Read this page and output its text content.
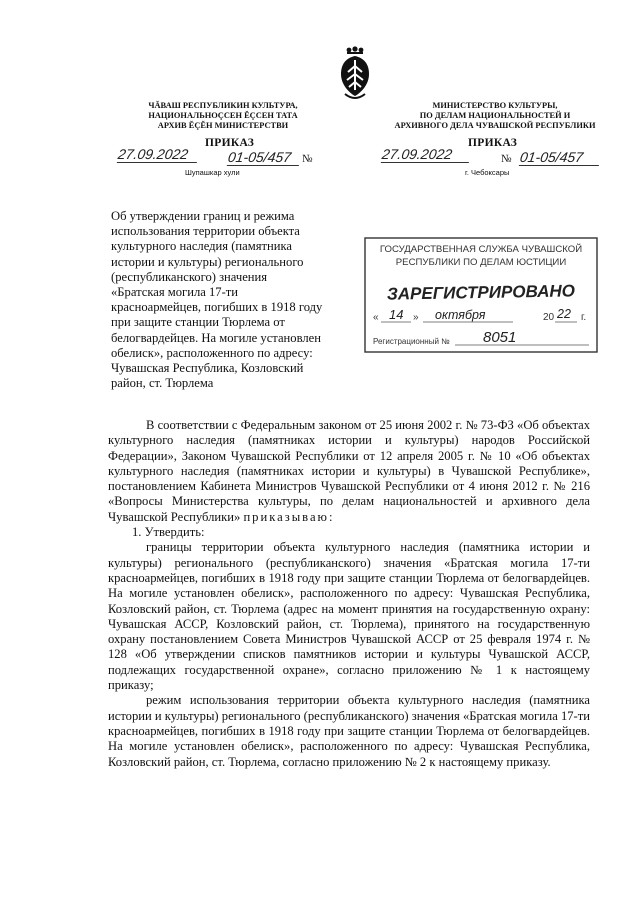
ЧĂВАШ РЕСПУБЛИКИН КУЛЬТУРА,
НАЦИОНАЛЬНОÇСЕН ĔÇСЕН ТАТА
АРХИВ ĔÇĔН МИНИСТЕРСТВИ
МИНИСТЕРСТВО КУЛЬТУРЫ,
ПО ДЕЛАМ НАЦИОНАЛЬНОСТЕЙ И
АРХИВНОГО ДЕЛА ЧУВАШСКОЙ РЕСПУБЛИКИ
ПРИКАЗ	ПРИКАЗ
27.09.2022	01-05/457 №	27.09.2022	№ 01-05/457
Шупашкар хули	г. Чебоксары
Об утверждении границ и режима
использования территории объекта
культурного наследия (памятника
истории и культуры) регионального
(республиканского) значения
«Братская могила 17-ти
красноармейцев, погибших в 1918 году
при защите станции Тюрлема от
белогвардейцев. На могиле установлен
обелиск», расположенного по адресу:
Чувашская Республика, Козловский
район, ст. Тюрлема
ГОСУДАРСТВЕННАЯ СЛУЖБА ЧУВАШСКОЙ
РЕСПУБЛИКИ ПО ДЕЛАМ ЮСТИЦИИ
ЗАРЕГИСТРИРОВАНО
« 14 » октября	20 22 г.
Регистрационный № 8051

В соответствии с Федеральным законом от 25 июня 2002 г. № 73-ФЗ «Об объектах культурного наследия (памятниках истории и культуры) народов Российской Федерации», Законом Чувашской Республики от 12 апреля 2005 г. № 10 «Об объектах культурного наследия (памятниках истории и культуры) в Чувашской Республике», постановлением Кабинета Министров Чувашской Республики от 4 июня 2012 г. № 216 «Вопросы Министерства культуры, по делам национальностей и архивного дела Чувашской Республики» приказываю:

1. Утвердить:

границы территории объекта культурного наследия (памятника истории и культуры) регионального (республиканского) значения «Братская могила 17-ти красноармейцев, погибших в 1918 году при защите станции Тюрлема от белогвардейцев. На могиле установлен обелиск», расположенного по адресу: Чувашская Республика, Козловский район, ст. Тюрлема (адрес на момент принятия на государственную охрану: Чувашская АССР, Козловский район, ст. Тюрлема), принятого на государственную охрану постановлением Совета Министров Чувашской АССР от 25 февраля 1974 г. № 128 «Об утверждении списков памятников истории и культуры Чувашской АССР, подлежащих государственной охране», согласно приложению № 1 к настоящему приказу;

режим использования территории объекта культурного наследия (памятника истории и культуры) регионального (республиканского) значения «Братская могила 17-ти красноармейцев, погибших в 1918 году при защите станции Тюрлема от белогвардейцев. На могиле установлен обелиск», расположенного по адресу: Чувашская Республика, Козловский район, ст. Тюрлема, согласно приложению № 2 к настоящему приказу.
